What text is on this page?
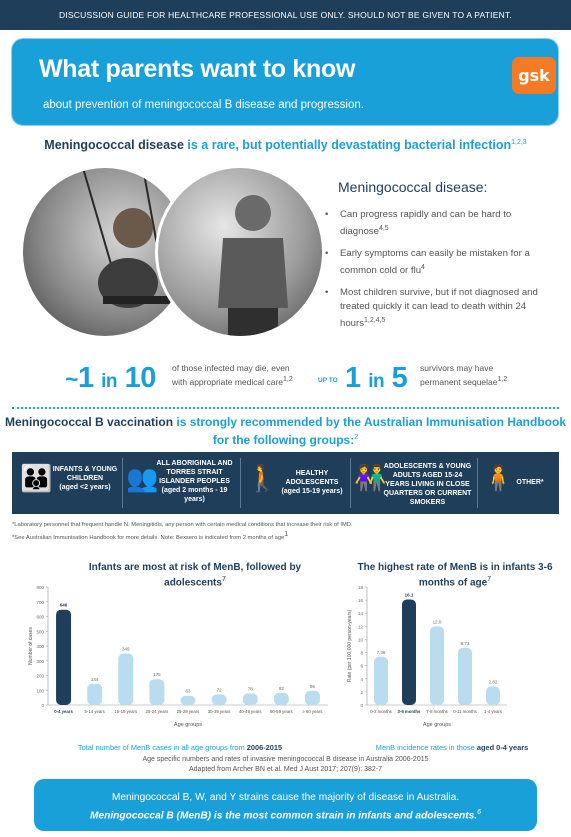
DISCUSSION GUIDE FOR HEALTHCARE PROFESSIONAL USE ONLY. SHOULD NOT BE GIVEN TO A PATIENT.
What parents want to know
about prevention of meningococcal B disease and progression.
gsk
Meningococcal disease is a rare, but potentially devastating bacterial infection$^{1,2,3}$
Meningococcal disease:
• Can progress rapidly and can be hard to diagnose$^{4,5}$
• Early symptoms can easily be mistaken for a common cold or flu$^4$
• Most children survive, but if not diagnosed and treated quickly it can lead to death within 24 hours$^{1,2,4,5}$
~1 in 10 of those infected may die, even with appropriate medical care$^{1,2}$	UP TO 1 in 5 survivors may have permanent sequelae$^{1,2}$
Meningococcal B vaccination is strongly recommended by the Australian Immunisation Handbook for the following groups:$^2$
👪 INFANTS & YOUNG CHILDREN
(aged <2 years) 👥
ALL ABORIGINAL AND TORRES STRAIT ISLANDER PEOPLES
(aged 2 months - 19 years)
🚶	HEALTHY ADOLESCENTS
(aged 15-19 years) 👫
ADOLESCENTS & YOUNG ADULTS AGED 15-24 YEARS LIVING IN CLOSE QUARTERS OR CURRENT SMOKERS
🧍 OTHER*
*Laboratory personnel that frequent handle N. Meningitidis, any person with certain medical conditions that increase their risk of IMD.
*See Australian Immunisation Handbook for more details. Note: Bexsero is indicated from 2 months of age$^1$
Infants are most at risk of MenB, followed by adolescents$^7$
0
100
200
300
400
500
600
700
800
Number of cases
646
0-4 years
144
5-14 years
349
15-19 years
175
20-24 years
63
25-29 years
72
30-39 years
78
40-49 years
82
50-59 years
96
≥ 60 years
Age groups
Total number of MenB cases in all age groups from 2006-2015
The highest rate of MenB is in infants 3-6 months of age$^7$
0
2
4
6
8
10
12
14
16
18
Rate (per 100,000 person-years)	7.36
0-2 months
16.1
3-6 months
12.0
7-8 months
8.73
0-11 months
2.82
1-4 years
Age groups
MenB incidence rates in those aged 0-4 years
Age specific numbers and rates of invasive meningococcal B disease in Australia 2006-2015
Adapted from Archer BN et al. Med J Aust 2017; 207(9): 382-7
Meningococcal B, W, and Y strains cause the majority of disease in Australia.
Meningococcal B (MenB) is the most common strain in infants and adolescents.$^6$
